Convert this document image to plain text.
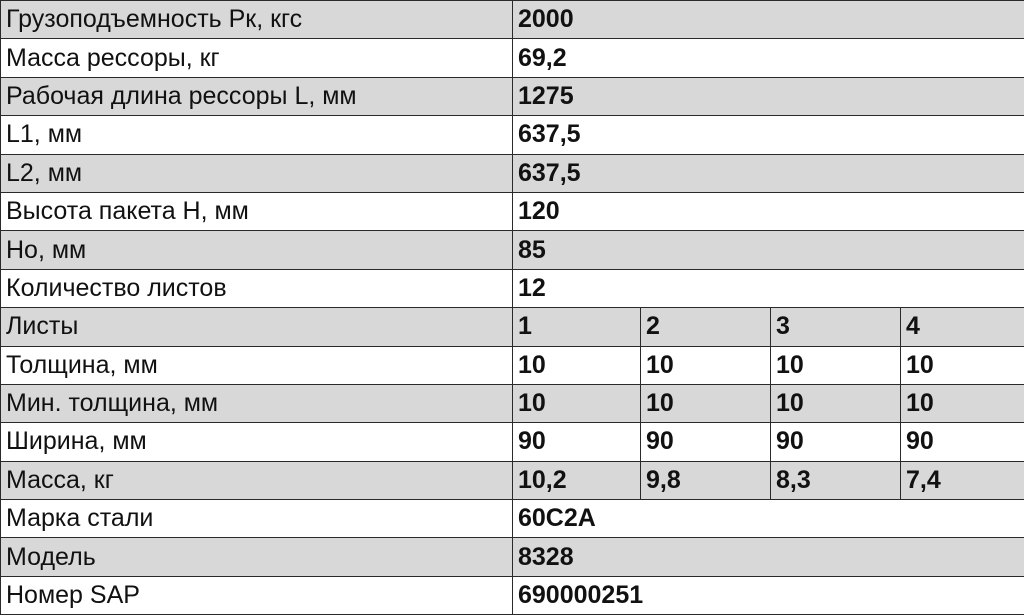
Грузоподъемность Рк, кгс	2000			
Масса рессоры, кг	69,2			
Рабочая длина рессоры L, мм	1275			
L1, мм	637,5			
L2, мм	637,5			
Высота пакета Н, мм	120			
Но, мм	85			
Количество листов	12			
Листы	1	2	3	4
Толщина, мм	10	10	10	10
Мин. толщина, мм	10	10	10	10
Ширина, мм	90	90	90	90
Масса, кг	10,2	9,8	8,3	7,4
Марка стали	60С2А			
Модель	8328			
Номер SAP	690000251			
